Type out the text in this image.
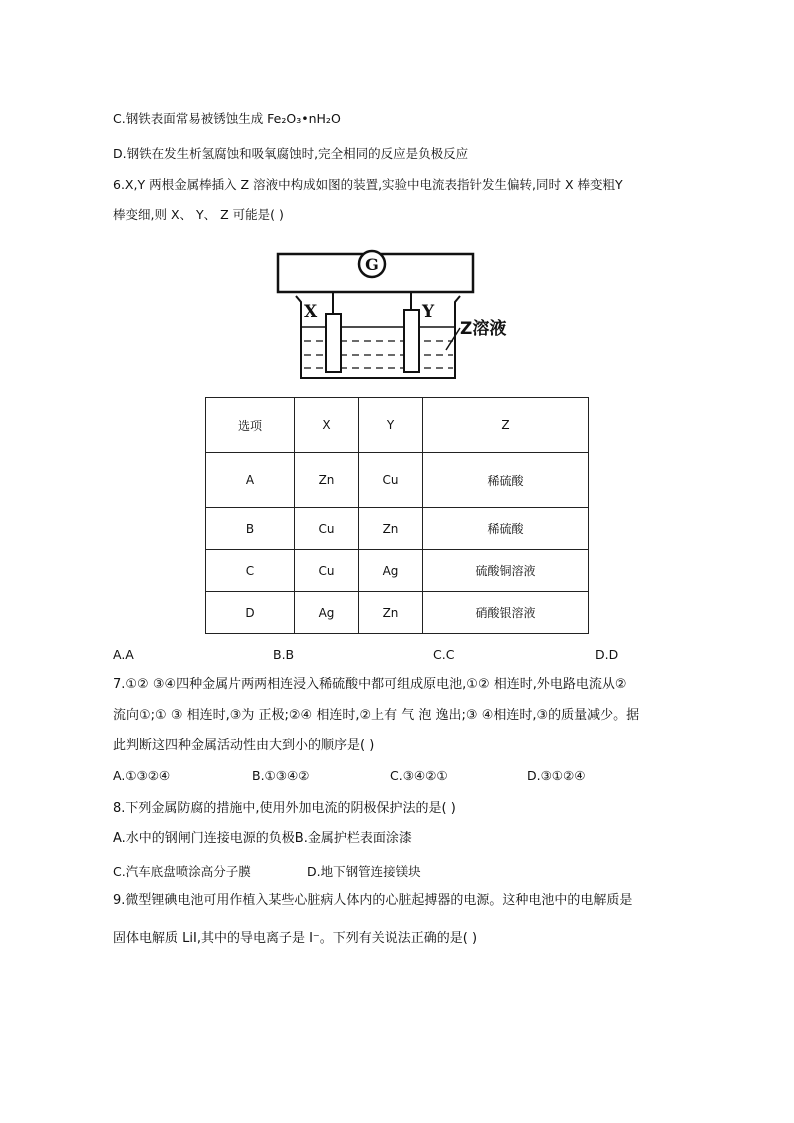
C.钢铁表面常易被锈蚀生成 Fe₂O₃•nH₂O
D.钢铁在发生析氢腐蚀和吸氧腐蚀时,完全相同的反应是负极反应
6.X,Y 两根金属棒插入 Z 溶液中构成如图的装置,实验中电流表指针发生偏转,同时 X 棒变粗Y
棒变细,则 X、 Y、 Z 可能是( )
G
X	Y
Z溶液
选项	X	Y	Z
A	Zn	Cu	稀硫酸
B	Cu	Zn	稀硫酸
C	Cu	Ag	硫酸铜溶液
D	Ag	Zn	硝酸银溶液
A.A	B.B	C.C	D.D
7.①② ③④四种金属片两两相连浸入稀硫酸中都可组成原电池,①② 相连时,外电路电流从②
流向①;① ③ 相连时,③为 正极;②④ 相连时,②上有 气 泡 逸出;③ ④相连时,③的质量减少。据
此判断这四种金属活动性由大到小的顺序是( )
A.①③②④	B.①③④②	C.③④②①	D.③①②④
8.下列金属防腐的措施中,使用外加电流的阴极保护法的是( )
A.水中的钢闸门连接电源的负极B.金属护栏表面涂漆
C.汽车底盘喷涂高分子膜	D.地下钢管连接镁块
9.微型锂碘电池可用作植入某些心脏病人体内的心脏起搏器的电源。这种电池中的电解质是
固体电解质 LiI,其中的导电离子是 I⁻。下列有关说法正确的是( )
